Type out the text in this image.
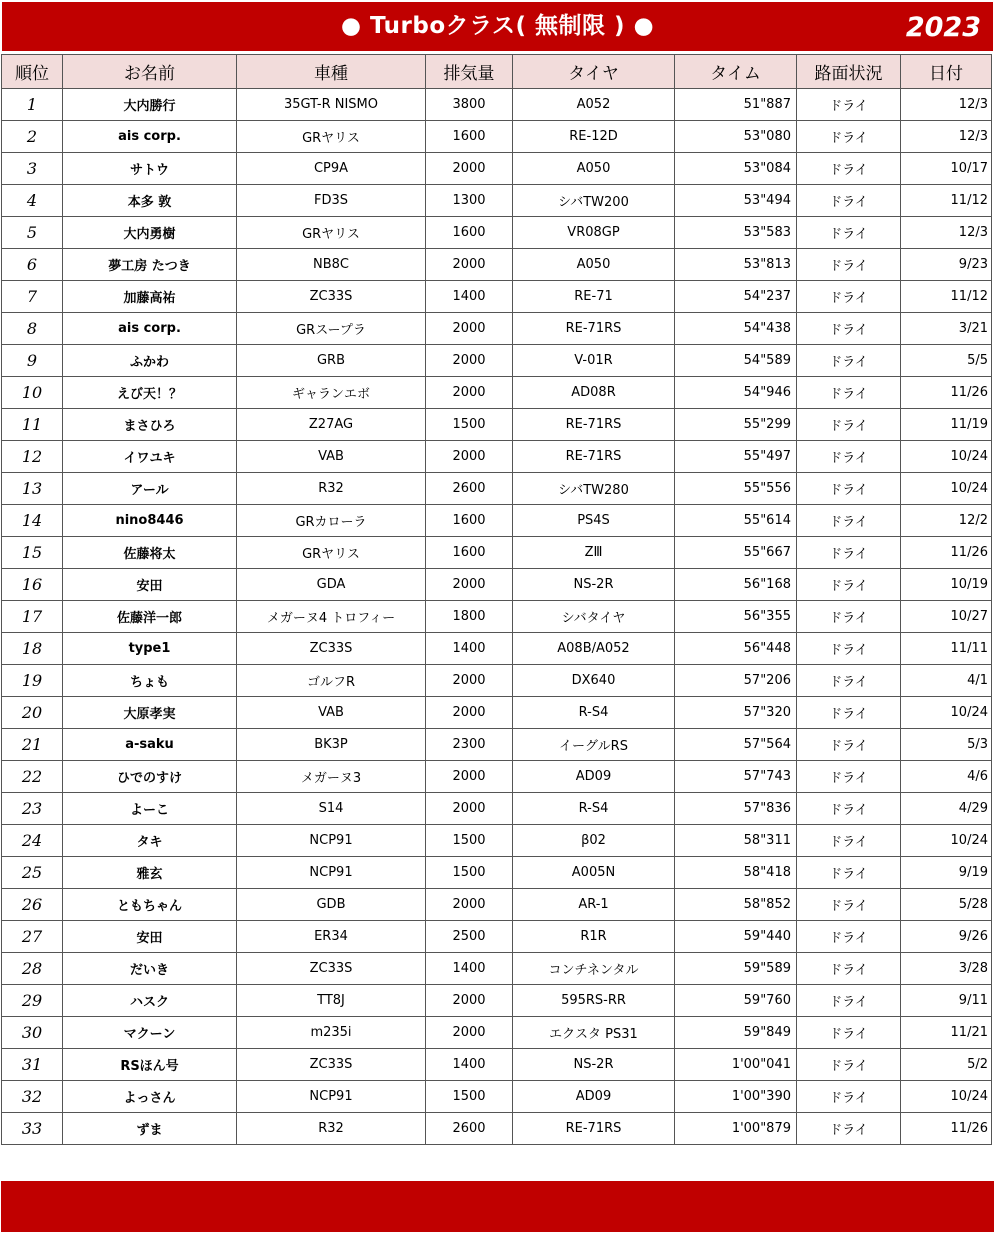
● Turboクラス( 無制限 ) ●	2023
順位	お名前	車種	排気量	タイヤ	タイム	路面状況	日付
1	大内勝行	35GT-R NISMO	3800	A052	51"887	ドライ	12/3
2	ais corp.	GRヤリス	1600	RE-12D	53"080	ドライ	12/3
3	サトウ	CP9A	2000	A050	53"084	ドライ	10/17
4	本多 敦	FD3S	1300	シバTW200	53"494	ドライ	11/12
5	大内勇樹	GRヤリス	1600	VR08GP	53"583	ドライ	12/3
6	夢工房 たつき	NB8C	2000	A050	53"813	ドライ	9/23
7	加藤高祐	ZC33S	1400	RE-71	54"237	ドライ	11/12
8	ais corp.	GRスープラ	2000	RE-71RS	54"438	ドライ	3/21
9	ふかわ	GRB	2000	V-01R	54"589	ドライ	5/5
10	えび天！？	ギャランエボ	2000	AD08R	54"946	ドライ	11/26
11	まさひろ	Z27AG	1500	RE-71RS	55"299	ドライ	11/19
12	イワユキ	VAB	2000	RE-71RS	55"497	ドライ	10/24
13	アール	R32	2600	シバTW280	55"556	ドライ	10/24
14	nino8446	GRカローラ	1600	PS4S	55"614	ドライ	12/2
15	佐藤将太	GRヤリス	1600	ZⅢ	55"667	ドライ	11/26
16	安田	GDA	2000	NS-2R	56"168	ドライ	10/19
17	佐藤洋一郎	メガーヌ4 トロフィー	1800	シバタイヤ	56"355	ドライ	10/27
18	type1	ZC33S	1400	A08B/A052	56"448	ドライ	11/11
19	ちょも	ゴルフR	2000	DX640	57"206	ドライ	4/1
20	大原孝実	VAB	2000	R-S4	57"320	ドライ	10/24
21	a-saku	BK3P	2300	イーグルRS	57"564	ドライ	5/3
22	ひでのすけ	メガーヌ3	2000	AD09	57"743	ドライ	4/6
23	よーこ	S14	2000	R-S4	57"836	ドライ	4/29
24	タキ	NCP91	1500	β02	58"311	ドライ	10/24
25	雅玄	NCP91	1500	A005N	58"418	ドライ	9/19
26	ともちゃん	GDB	2000	AR-1	58"852	ドライ	5/28
27	安田	ER34	2500	R1R	59"440	ドライ	9/26
28	だいき	ZC33S	1400	コンチネンタル	59"589	ドライ	3/28
29	ハスク	TT8J	2000	595RS-RR	59"760	ドライ	9/11
30	マクーン	m235i	2000	エクスタ PS31	59"849	ドライ	11/21
31	RSほん号	ZC33S	1400	NS-2R	1'00"041	ドライ	5/2
32	よっさん	NCP91	1500	AD09	1'00"390	ドライ	10/24
33	ずま	R32	2600	RE-71RS	1'00"879	ドライ	11/26
